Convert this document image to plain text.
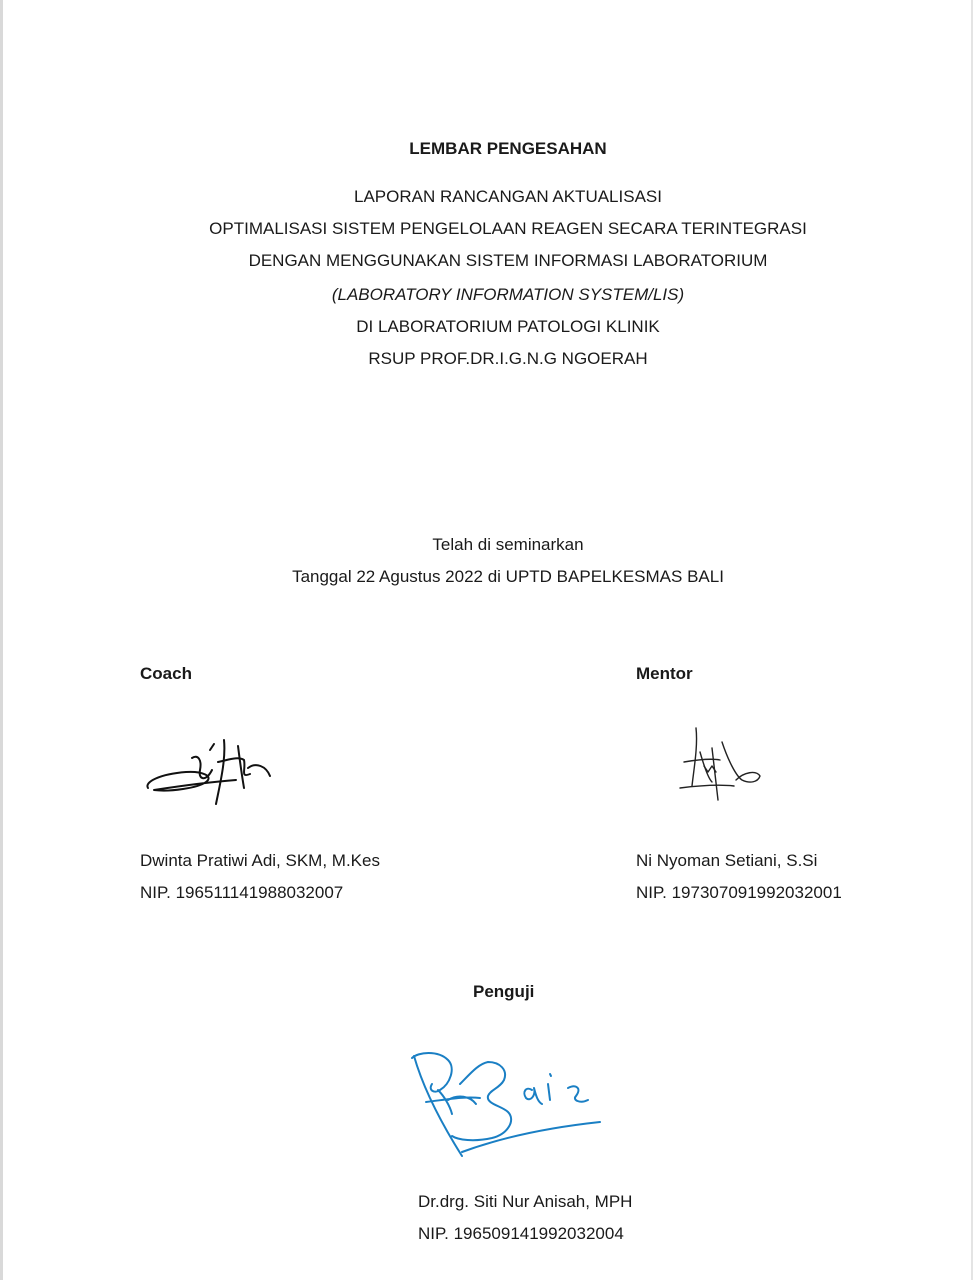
LEMBAR PENGESAHAN
LAPORAN RANCANGAN AKTUALISASI
OPTIMALISASI SISTEM PENGELOLAAN REAGEN SECARA TERINTEGRASI
DENGAN MENGGUNAKAN SISTEM INFORMASI LABORATORIUM
(LABORATORY INFORMATION SYSTEM/LIS)
DI LABORATORIUM PATOLOGI KLINIK
RSUP PROF.DR.I.G.N.G NGOERAH
Telah di seminarkan
Tanggal 22 Agustus 2022 di UPTD BAPELKESMAS BALI
Coach
Dwinta Pratiwi Adi, SKM, M.Kes
NIP. 196511141988032007
Mentor
Ni Nyoman Setiani, S.Si
NIP. 197307091992032001
Penguji
Dr.drg. Siti Nur Anisah, MPH
NIP. 196509141992032004
